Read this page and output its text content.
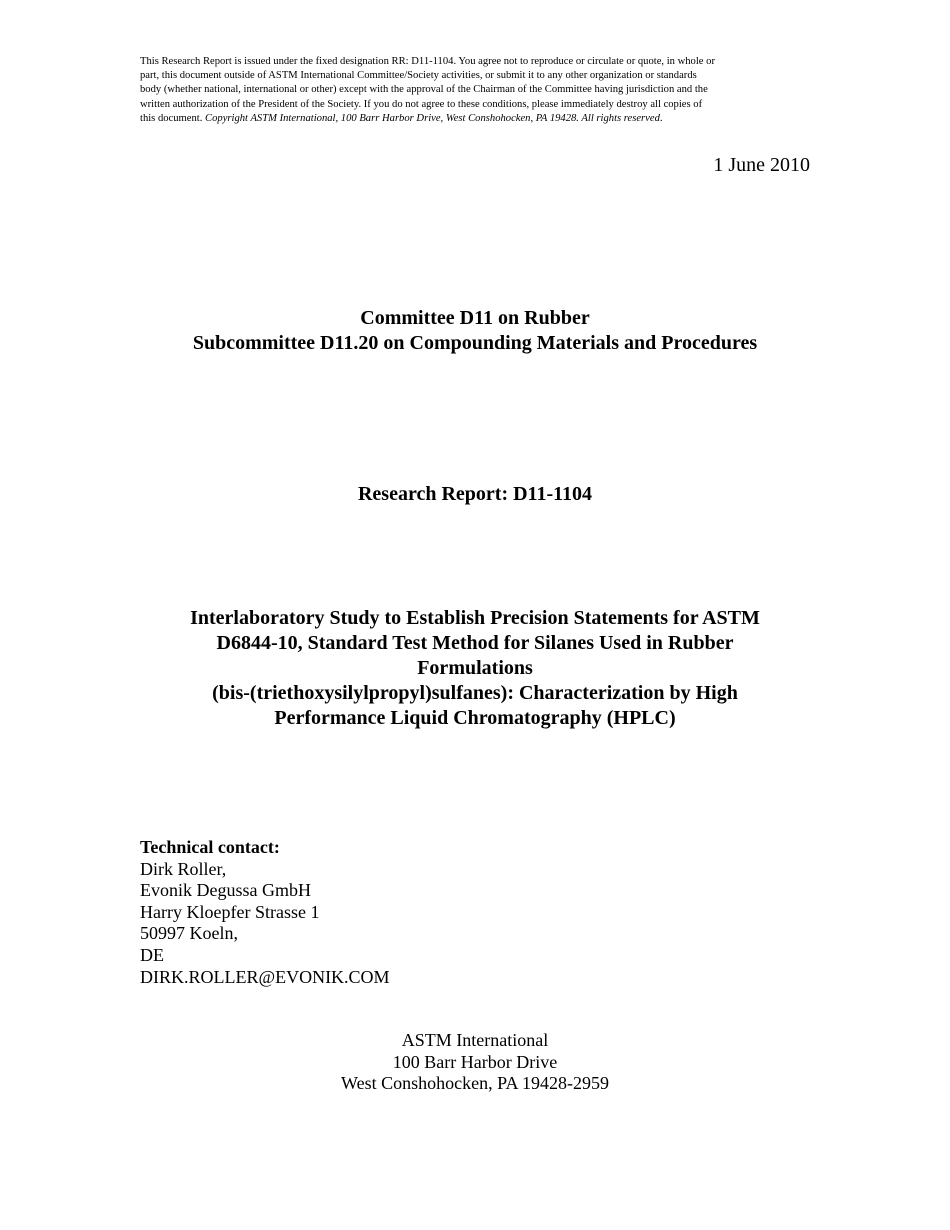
This Research Report is issued under the fixed designation RR: D11-1104. You agree not to reproduce or circulate or quote, in whole or
part, this document outside of ASTM International Committee/Society activities, or submit it to any other organization or standards
body (whether national, international or other) except with the approval of the Chairman of the Committee having jurisdiction and the
written authorization of the President of the Society. If you do not agree to these conditions, please immediately destroy all copies of
this document. Copyright ASTM International, 100 Barr Harbor Drive, West Conshohocken, PA 19428. All rights reserved.
1 June 2010
Committee D11 on Rubber
Subcommittee D11.20 on Compounding Materials and Procedures
Research Report: D11-1104
Interlaboratory Study to Establish Precision Statements for ASTM
D6844-10, Standard Test Method for Silanes Used in Rubber
Formulations
(bis-(triethoxysilylpropyl)sulfanes): Characterization by High
Performance Liquid Chromatography (HPLC)
Technical contact:
Dirk Roller,
Evonik Degussa GmbH
Harry Kloepfer Strasse 1
50997 Koeln,
DE
DIRK.ROLLER@EVONIK.COM
ASTM International
100 Barr Harbor Drive
West Conshohocken, PA 19428-2959
